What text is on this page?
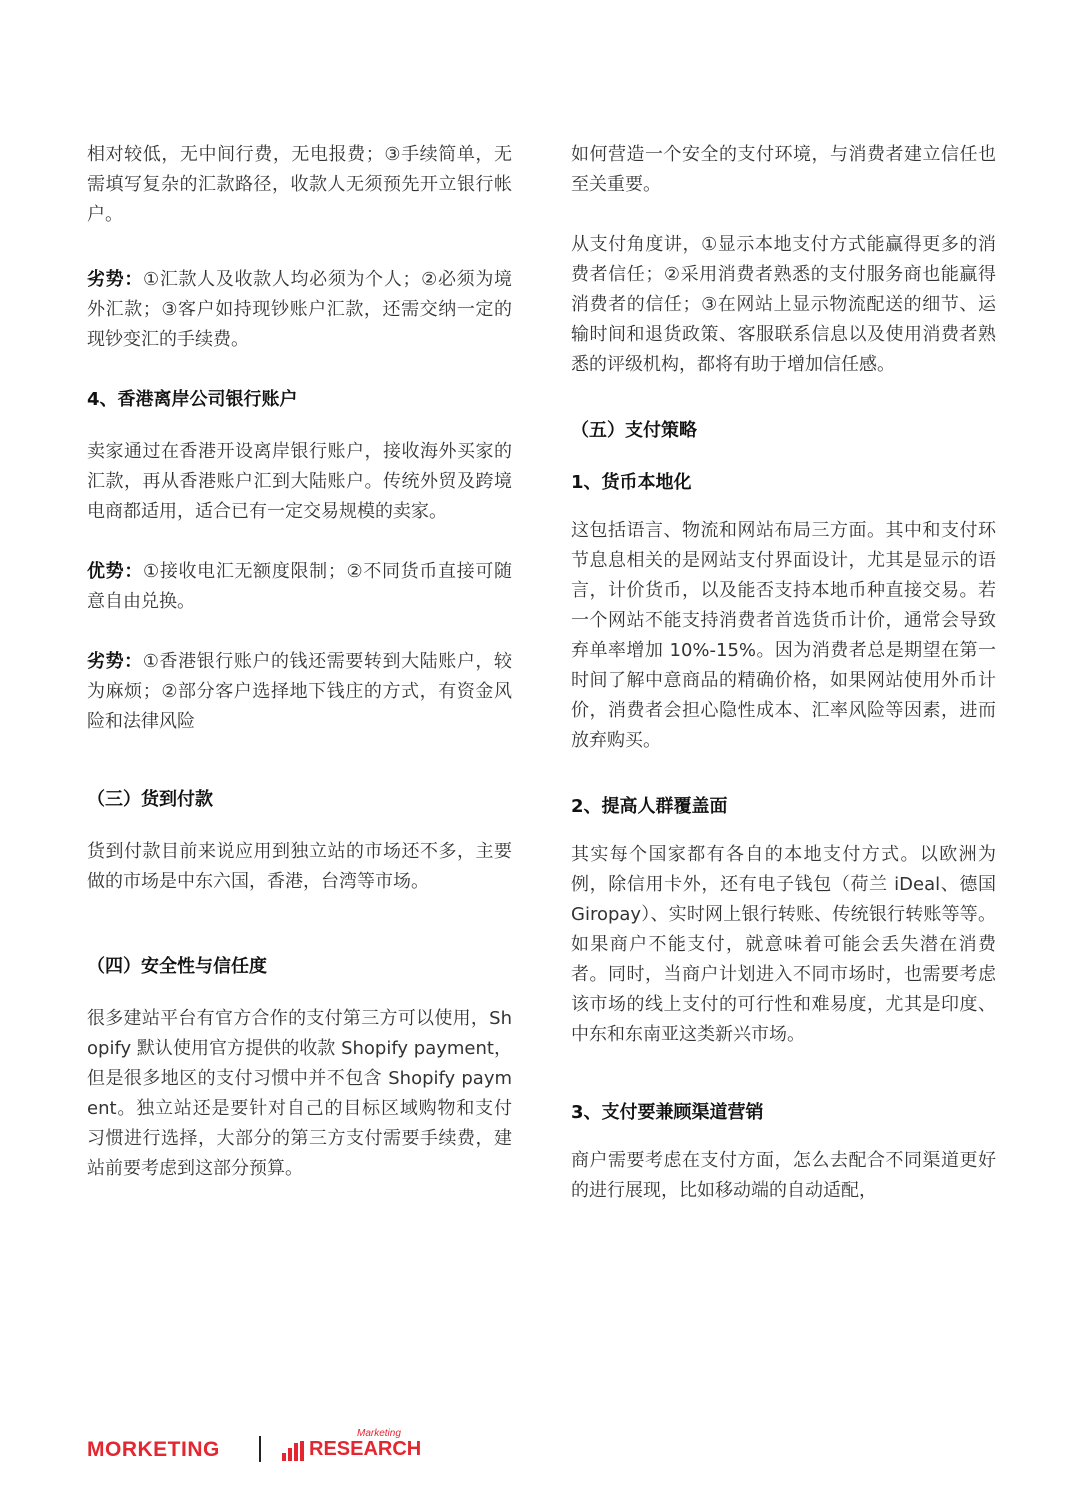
相对较低，无中间行费，无电报费；③手续简单，无需填写复杂的汇款路径，收款人无须预先开立银行帐户。

劣势：①汇款人及收款人均必须为个人；②必须为境外汇款；③客户如持现钞账户汇款，还需交纳一定的现钞变汇的手续费。

4、香港离岸公司银行账户

卖家通过在香港开设离岸银行账户，接收海外买家的汇款，再从香港账户汇到大陆账户。传统外贸及跨境电商都适用，适合已有一定交易规模的卖家。

优势：①接收电汇无额度限制；②不同货币直接可随意自由兑换。

劣势：①香港银行账户的钱还需要转到大陆账户，较为麻烦；②部分客户选择地下钱庄的方式，有资金风险和法律风险

（三）货到付款

货到付款目前来说应用到独立站的市场还不多，主要做的市场是中东六国，香港，台湾等市场。

（四）安全性与信任度

很多建站平台有官方合作的支付第三方可以使用，Shopify 默认使用官方提供的收款 Shopify payment，但是很多地区的支付习惯中并不包含 Shopify payment。独立站还是要针对自己的目标区域购物和支付习惯进行选择，大部分的第三方支付需要手续费，建站前要考虑到这部分预算。

如何营造一个安全的支付环境，与消费者建立信任也至关重要。

从支付角度讲，①显示本地支付方式能赢得更多的消费者信任；②采用消费者熟悉的支付服务商也能赢得消费者的信任；③在网站上显示物流配送的细节、运输时间和退货政策、客服联系信息以及使用消费者熟悉的评级机构，都将有助于增加信任感。

（五）支付策略
1、货币本地化

这包括语言、物流和网站布局三方面。其中和支付环节息息相关的是网站支付界面设计，尤其是显示的语言，计价货币，以及能否支持本地币种直接交易。若一个网站不能支持消费者首选货币计价，通常会导致弃单率增加 10%-15%。因为消费者总是期望在第一时间了解中意商品的精确价格，如果网站使用外币计价，消费者会担心隐性成本、汇率风险等因素，进而放弃购买。

2、提高人群覆盖面

其实每个国家都有各自的本地支付方式。以欧洲为例，除信用卡外，还有电子钱包（荷兰 iDeal、德国 Giropay）、实时网上银行转账、传统银行转账等等。如果商户不能支付，就意味着可能会丢失潜在消费者。同时，当商户计划进入不同市场时，也需要考虑该市场的线上支付的可行性和难易度，尤其是印度、中东和东南亚这类新兴市场。

3、支付要兼顾渠道营销

商户需要考虑在支付方面，怎么去配合不同渠道更好的进行展现，比如移动端的自动适配，

MORKETING
Marketing
RESEARCH
